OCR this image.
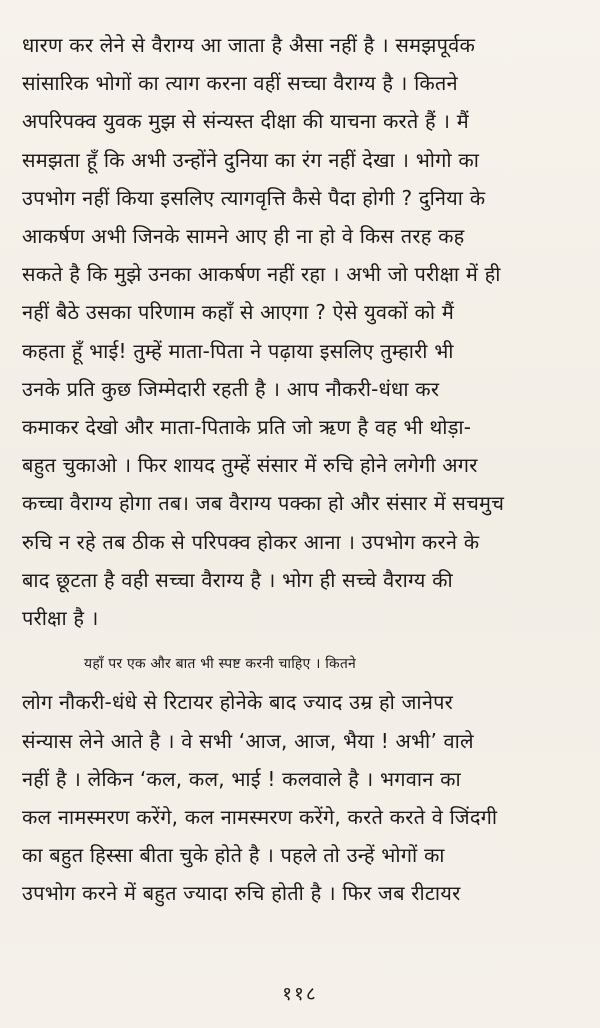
धारण कर लेने से वैराग्य आ जाता है अैसा नहीं है । समझपूर्वक
सांसारिक भोगों का त्याग करना वहीं सच्चा वैराग्य है । कितने
अपरिपक्व युवक मुझ से संन्यस्त दीक्षा की याचना करते हैं । मैं
समझता हूँ कि अभी उन्होंने दुनिया का रंग नहीं देखा । भोगो का
उपभोग नहीं किया इसलिए त्यागवृत्ति कैसे पैदा होगी ? दुनिया के
आकर्षण अभी जिनके सामने आए ही ना हो वे किस तरह कह
सकते है कि मुझे उनका आकर्षण नहीं रहा । अभी जो परीक्षा में ही
नहीं बैठे उसका परिणाम कहाँ से आएगा ? ऐसे युवकों को मैं
कहता हूँ भाई! तुम्हें माता-पिता ने पढ़ाया इसलिए तुम्हारी भी
उनके प्रति कुछ जिम्मेदारी रहती है । आप नौकरी-धंधा कर
कमाकर देखो और माता-पिताके प्रति जो ऋण है वह भी थोड़ा-
बहुत चुकाओ । फिर शायद तुम्हें संसार में रुचि होने लगेगी अगर
कच्चा वैराग्य होगा तब। जब वैराग्य पक्का हो और संसार में सचमुच
रुचि न रहे तब ठीक से परिपक्व होकर आना । उपभोग करने के
बाद छूटता है वही सच्चा वैराग्य है । भोग ही सच्चे वैराग्य की
परीक्षा है ।

यहाँ पर एक और बात भी स्पष्ट करनी चाहिए । कितने
लोग नौकरी-धंधे से रिटायर होनेके बाद ज्याद उम्र हो जानेपर
संन्यास लेने आते है । वे सभी ‘आज, आज, भैया ! अभी’ वाले
नहीं है । लेकिन ‘कल, कल, भाई ! कलवाले है । भगवान का
कल नामस्मरण करेंगे, कल नामस्मरण करेंगे, करते करते वे जिंदगी
का बहुत हिस्सा बीता चुके होते है । पहले तो उन्हें भोगों का
उपभोग करने में बहुत ज्यादा रुचि होती है । फिर जब रीटायर

११८
